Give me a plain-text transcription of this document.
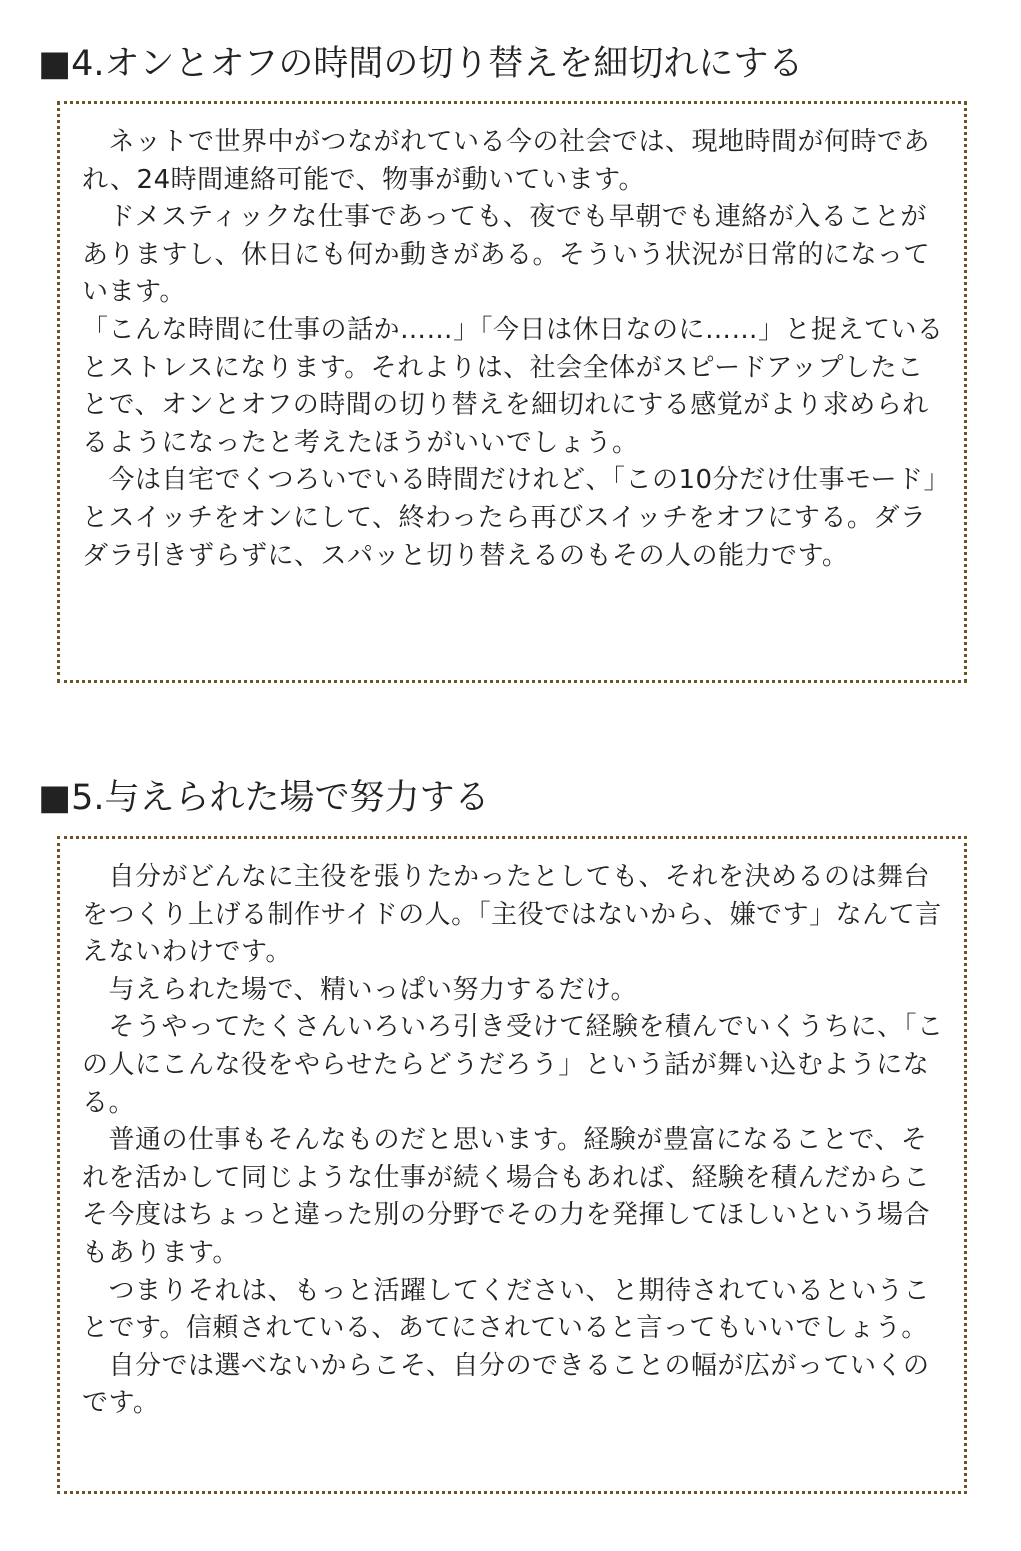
■4.オンとオフの時間の切り替えを細切れにする

　ネットで世界中がつながれている今の社会では、現地時間が何時であれ、24時間連絡可能で、物事が動いています。

　ドメスティックな仕事であっても、夜でも早朝でも連絡が入ることがありますし、休日にも何か動きがある。そういう状況が日常的になっています。

「こんな時間に仕事の話か……」「今日は休日なのに……」と捉えているとストレスになります。それよりは、社会全体がスピードアップしたことで、オンとオフの時間の切り替えを細切れにする感覚がより求められるようになったと考えたほうがいいでしょう。

　今は自宅でくつろいでいる時間だけれど、「この10分だけ仕事モード」とスイッチをオンにして、終わったら再びスイッチをオフにする。ダラダラ引きずらずに、スパッと切り替えるのもその人の能力です。

■5.与えられた場で努力する

　自分がどんなに主役を張りたかったとしても、それを決めるのは舞台をつくり上げる制作サイドの人。「主役ではないから、嫌です」なんて言えないわけです。

　与えられた場で、精いっぱい努力するだけ。

　そうやってたくさんいろいろ引き受けて経験を積んでいくうちに、「この人にこんな役をやらせたらどうだろう」という話が舞い込むようになる。

　普通の仕事もそんなものだと思います。経験が豊富になることで、それを活かして同じような仕事が続く場合もあれば、経験を積んだからこそ今度はちょっと違った別の分野でその力を発揮してほしいという場合もあります。

　つまりそれは、もっと活躍してください、と期待されているということです。信頼されている、あてにされていると言ってもいいでしょう。

　自分では選べないからこそ、自分のできることの幅が広がっていくのです。
